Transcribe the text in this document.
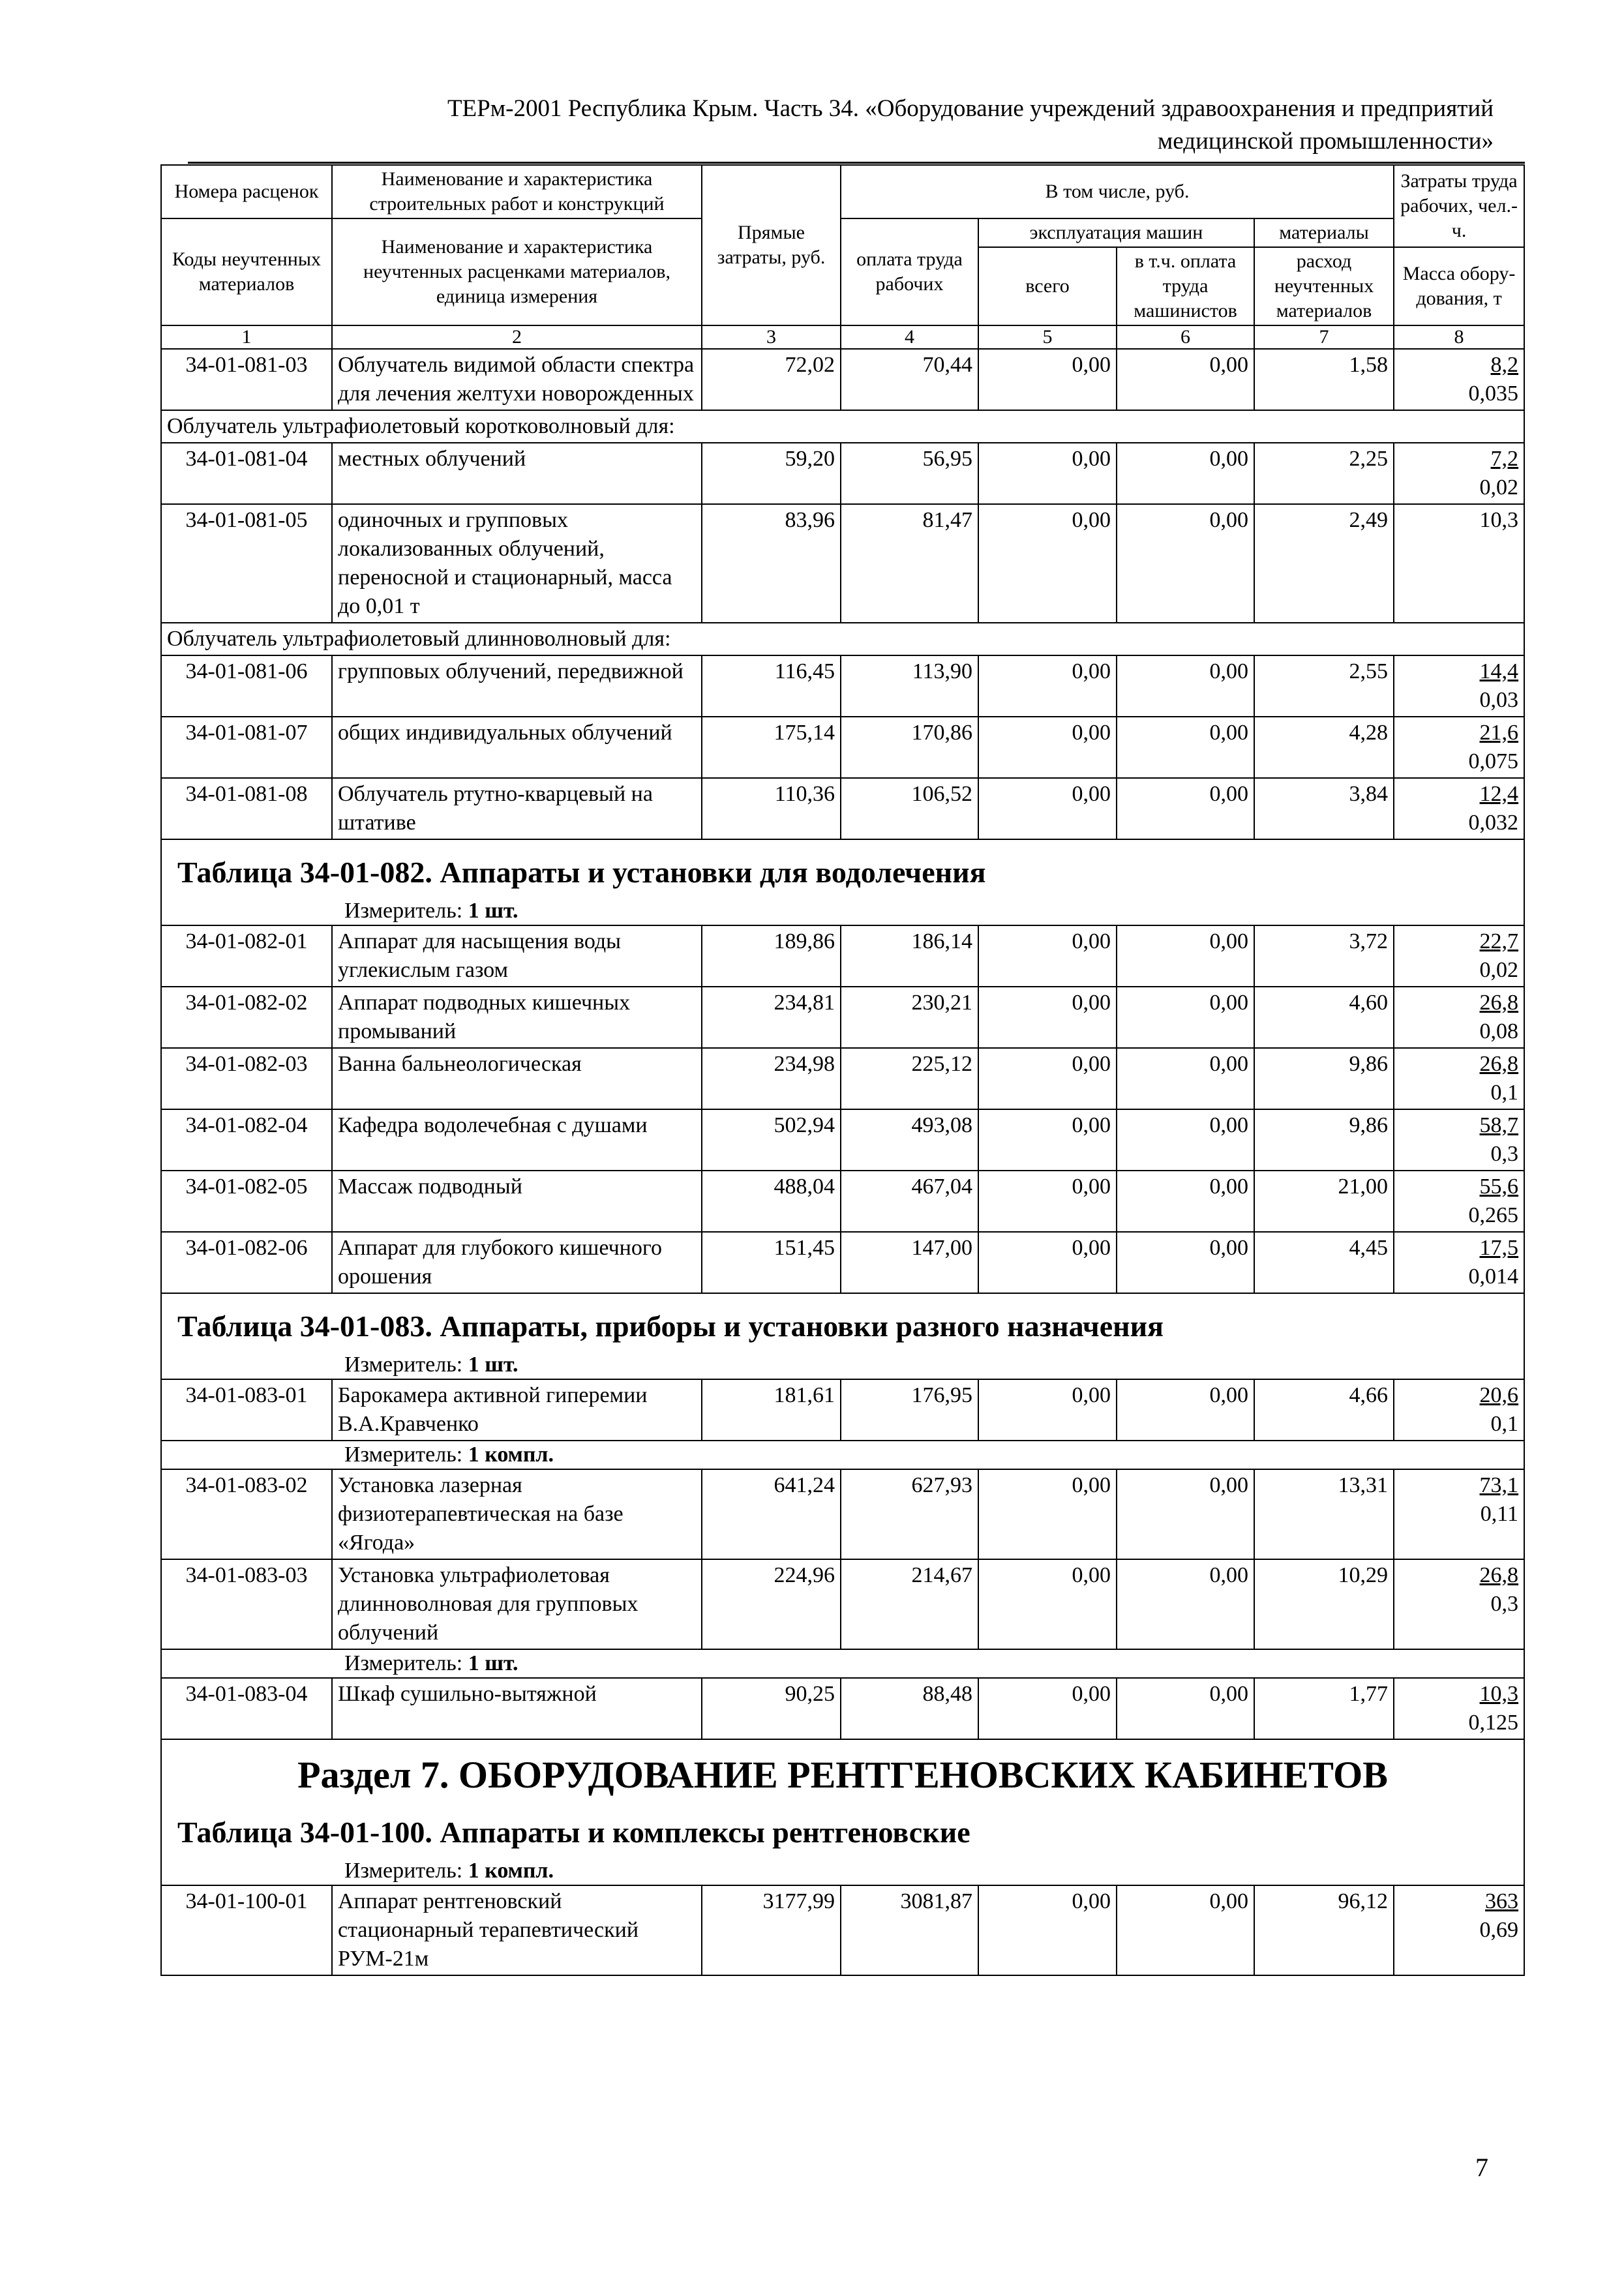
ТЕРм-2001 Республика Крым. Часть 34. «Оборудование учреждений здравоохранения и предприятий
медицинской промышленности»
Номера расценок	Наименование и характеристика строительных работ и конструкций	Прямые затраты, руб.	В том числе, руб.				Затраты труда рабочих, чел.-ч.
Коды неучтенных материалов	Наименование и характеристика неучтенных расценками материалов, единица измерения		оплата труда рабочих	эксплуатация машин		материалы	
				всего	в т.ч. оплата труда машинистов	расход неучтенных материалов	Масса обору-дования, т
1	2	3	4	5	6	7	8
34-01-081-03	Облучатель видимой области спектра для лечения желтухи новорожденных	72,02	70,44	0,00	0,00	1,58	8,2
0,035

Облучатель ультрафиолетовый коротковолновый для:							
34-01-081-04	местных облучений	59,20	56,95	0,00	0,00	2,25	7,2
0,02

34-01-081-05	одиночных и групповых локализованных облучений, переносной и стационарный, масса до 0,01 т	83,96	81,47	0,00	0,00	2,49	10,3

Облучатель ультрафиолетовый длинноволновый для:							
34-01-081-06	групповых облучений, передвижной	116,45	113,90	0,00	0,00	2,55	14,4
0,03

34-01-081-07	общих индивидуальных облучений	175,14	170,86	0,00	0,00	4,28	21,6
0,075

34-01-081-08	Облучатель ртутно-кварцевый на штативе	110,36	106,52	0,00	0,00	3,84	12,4
0,032

Таблица 34-01-082. Аппараты и установки для водолечения							
Измеритель: 1 шт.							
34-01-082-01	Аппарат для насыщения воды углекислым газом	189,86	186,14	0,00	0,00	3,72	22,7
0,02

34-01-082-02	Аппарат подводных кишечных промываний	234,81	230,21	0,00	0,00	4,60	26,8
0,08

34-01-082-03	Ванна бальнеологическая	234,98	225,12	0,00	0,00	9,86	26,8
0,1

34-01-082-04	Кафедра водолечебная с душами	502,94	493,08	0,00	0,00	9,86	58,7
0,3

34-01-082-05	Массаж подводный	488,04	467,04	0,00	0,00	21,00	55,6
0,265

34-01-082-06	Аппарат для глубокого кишечного орошения	151,45	147,00	0,00	0,00	4,45	17,5
0,014

Таблица 34-01-083. Аппараты, приборы и установки разного назначения							
Измеритель: 1 шт.							
34-01-083-01	Барокамера активной гиперемии В.А.Кравченко	181,61	176,95	0,00	0,00	4,66	20,6
0,1

Измеритель: 1 компл.							
34-01-083-02	Установка лазерная физиотерапевтическая на базе «Ягода»	641,24	627,93	0,00	0,00	13,31	73,1
0,11

34-01-083-03	Установка ультрафиолетовая длинноволновая для групповых облучений	224,96	214,67	0,00	0,00	10,29	26,8
0,3

Измеритель: 1 шт.							
34-01-083-04	Шкаф сушильно-вытяжной	90,25	88,48	0,00	0,00	1,77	10,3
0,125

Раздел 7. ОБОРУДОВАНИЕ РЕНТГЕНОВСКИХ КАБИНЕТОВ							
Таблица 34-01-100. Аппараты и комплексы рентгеновские							
Измеритель: 1 компл.							
34-01-100-01	Аппарат рентгеновский стационарный терапевтический РУМ-21м	3177,99	3081,87	0,00	0,00	96,12	363
0,69
7
